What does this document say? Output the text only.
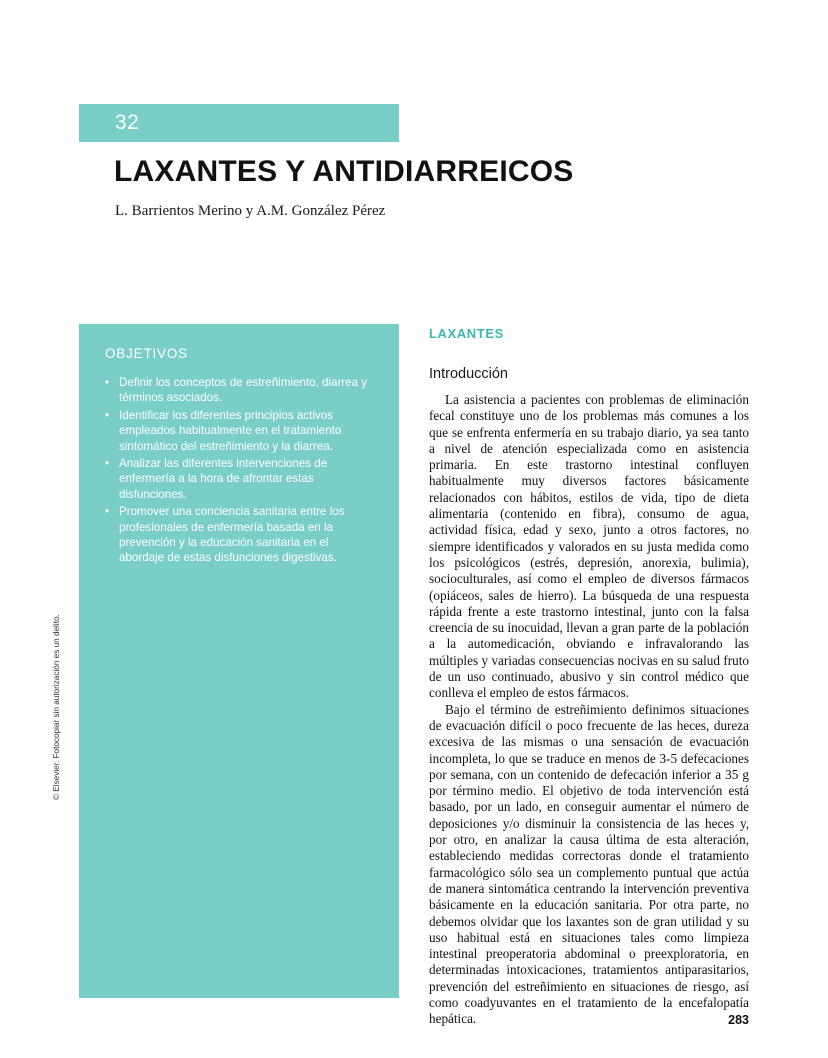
32
LAXANTES Y ANTIDIARREICOS
L. Barrientos Merino y A.M. González Pérez
OBJETIVOS
• Definir los conceptos de estreñimiento, diarrea y términos asociados.
• Identificar los diferentes principios activos empleados habitualmente en el tratamiento sintomático del estreñimiento y la diarrea.
• Analizar las diferentes intervenciones de enfermería a la hora de afrontar estas disfunciones.
• Promover una conciencia sanitaria entre los profesionales de enfermería basada en la prevención y la educación sanitaria en el abordaje de estas disfunciones digestivas.
LAXANTES
Introducción

La asistencia a pacientes con problemas de eliminación fecal constituye uno de los problemas más comunes a los que se enfrenta enfermería en su trabajo diario, ya sea tanto a nivel de atención especializada como en asistencia primaria. En este trastorno intestinal confluyen habitualmente muy diversos factores básicamente relacionados con hábitos, estilos de vida, tipo de dieta alimentaria (contenido en fibra), consumo de agua, actividad física, edad y sexo, junto a otros factores, no siempre identificados y valorados en su justa medida como los psicológicos (estrés, depresión, anorexia, bulimia), socioculturales, así como el empleo de diversos fármacos (opiáceos, sales de hierro). La búsqueda de una respuesta rápida frente a este trastorno intestinal, junto con la falsa creencia de su inocuidad, llevan a gran parte de la población a la automedicación, obviando e infravalorando las múltiples y variadas consecuencias nocivas en su salud fruto de un uso continuado, abusivo y sin control médico que conlleva el empleo de estos fármacos.

Bajo el término de estreñimiento definimos situaciones de evacuación difícil o poco frecuente de las heces, dureza excesiva de las mismas o una sensación de evacuación incompleta, lo que se traduce en menos de 3-5 defecaciones por semana, con un contenido de defecación inferior a 35 g por término medio. El objetivo de toda intervención está basado, por un lado, en conseguir aumentar el número de deposiciones y/o disminuir la consistencia de las heces y, por otro, en analizar la causa última de esta alteración, estableciendo medidas correctoras donde el tratamiento farmacológico sólo sea un complemento puntual que actúa de manera sintomática centrando la intervención preventiva básicamente en la educación sanitaria. Por otra parte, no debemos olvidar que los laxantes son de gran utilidad y su uso habitual está en situaciones tales como limpieza intestinal preoperatoria abdominal o preexploratoria, en determinadas intoxicaciones, tratamientos antiparasitarios, prevención del estreñimiento en situaciones de riesgo, así como coadyuvantes en el tratamiento de la encefalopatía hepática.

© Elsevier. Fotocopiar sin autorización es un delito.
283
